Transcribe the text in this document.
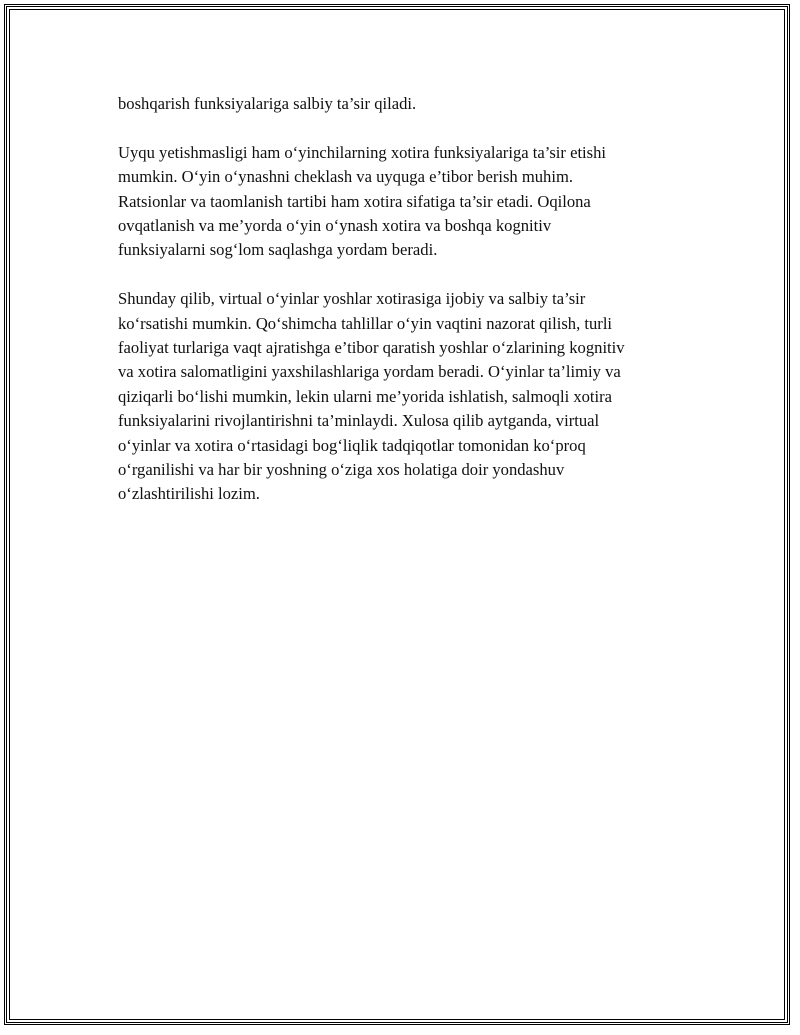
boshqarish funksiyalariga salbiy ta’sir qiladi.

Uyqu yetishmasligi ham o‘yinchilarning xotira funksiyalariga ta’sir etishi
mumkin. O‘yin o‘ynashni cheklash va uyquga e’tibor berish muhim.
Ratsionlar va taomlanish tartibi ham xotira sifatiga ta’sir etadi. Oqilona
ovqatlanish va me’yorda o‘yin o‘ynash xotira va boshqa kognitiv
funksiyalarni sog‘lom saqlashga yordam beradi.

Shunday qilib, virtual o‘yinlar yoshlar xotirasiga ijobiy va salbiy ta’sir
ko‘rsatishi mumkin. Qo‘shimcha tahlillar o‘yin vaqtini nazorat qilish, turli
faoliyat turlariga vaqt ajratishga e’tibor qaratish yoshlar o‘zlarining kognitiv
va xotira salomatligini yaxshilashlariga yordam beradi. O‘yinlar ta’limiy va
qiziqarli bo‘lishi mumkin, lekin ularni me’yorida ishlatish, salmoqli xotira
funksiyalarini rivojlantirishni ta’minlaydi. Xulosa qilib aytganda, virtual
o‘yinlar va xotira o‘rtasidagi bog‘liqlik tadqiqotlar tomonidan ko‘proq
o‘rganilishi va har bir yoshning o‘ziga xos holatiga doir yondashuv
o‘zlashtirilishi lozim.
